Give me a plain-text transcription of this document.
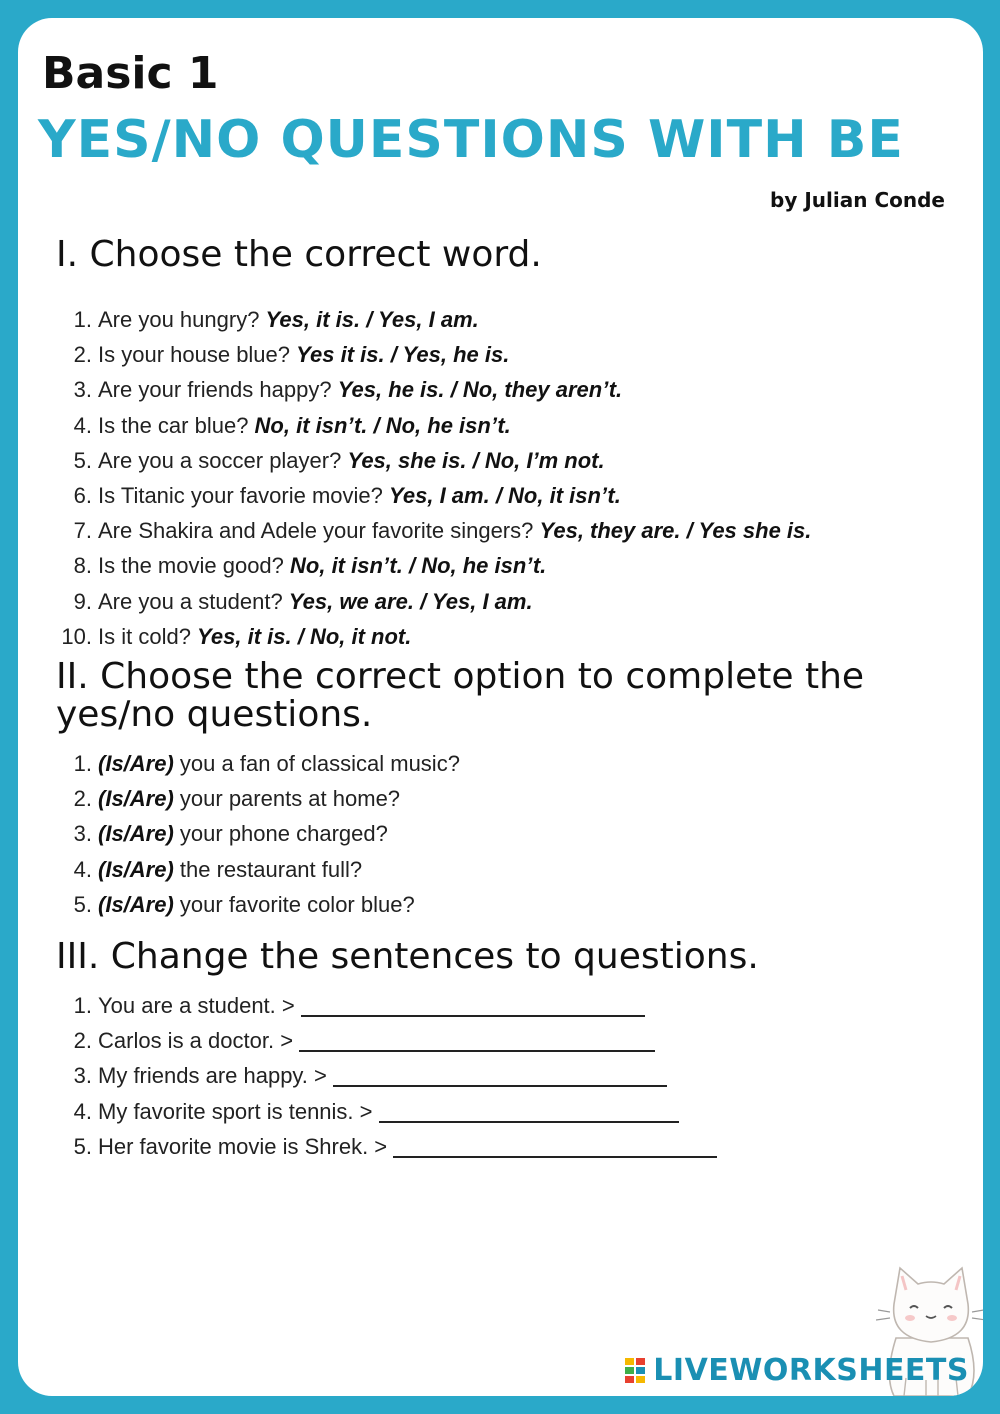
Basic 1
YES/NO QUESTIONS WITH BE
by Julian Conde
I. Choose the correct word.
1. Are you hungry? Yes, it is. / Yes, I am.
2. Is your house blue? Yes it is. / Yes, he is.
3. Are your friends happy? Yes, he is. / No, they aren’t.
4. Is the car blue? No, it isn’t. / No, he isn’t.
5. Are you a soccer player? Yes, she is. / No, I’m not.
6. Is Titanic your favorie movie? Yes, I am. / No, it isn’t.
7. Are Shakira and Adele your favorite singers? Yes, they are. / Yes she is.
8. Is the movie good? No, it isn’t. / No, he isn’t.
9. Are you a student? Yes, we are. / Yes, I am.
10. Is it cold? Yes, it is. / No, it not.
II. Choose the correct option to complete the yes/no questions.
1. (Is/Are) you a fan of classical music?
2. (Is/Are) your parents at home?
3. (Is/Are) your phone charged?
4. (Is/Are) the restaurant full?
5. (Is/Are) your favorite color blue?
III. Change the sentences to questions.
1. You are a student. >
2. Carlos is a doctor. >
3. My friends are happy. >
4. My favorite sport is tennis. >
5. Her favorite movie is Shrek. >
LIVEWORKSHEETS
